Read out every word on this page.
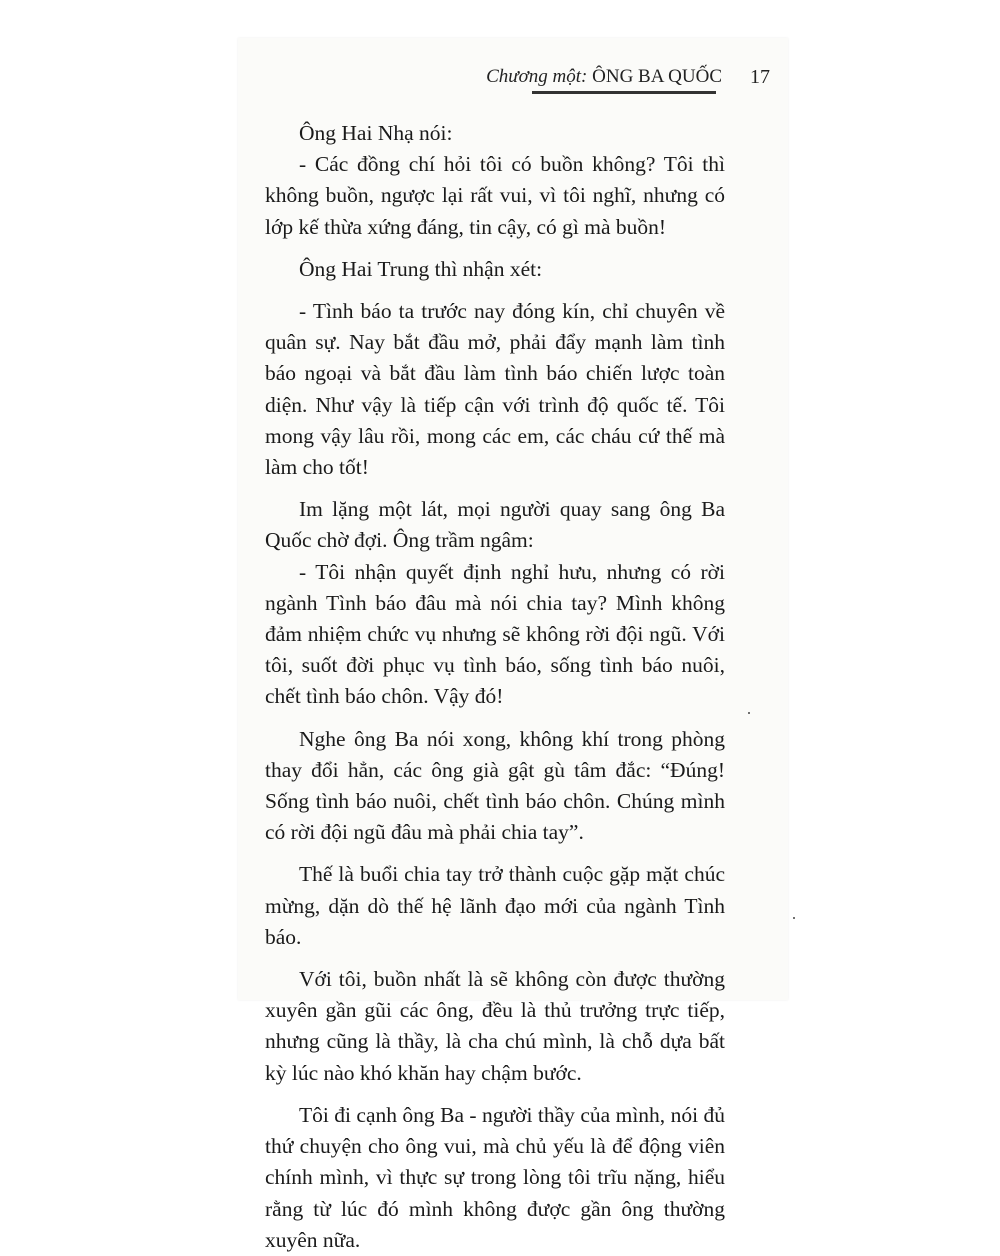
Chương một: ÔNG BA QUỐC 17

Ông Hai Nhạ nói:

- Các đồng chí hỏi tôi có buồn không? Tôi thì không buồn, ngược lại rất vui, vì tôi nghĩ, nhưng có lớp kế thừa xứng đáng, tin cậy, có gì mà buồn!

Ông Hai Trung thì nhận xét:

- Tình báo ta trước nay đóng kín, chỉ chuyên về quân sự. Nay bắt đầu mở, phải đẩy mạnh làm tình báo ngoại và bắt đầu làm tình báo chiến lược toàn diện. Như vậy là tiếp cận với trình độ quốc tế. Tôi mong vậy lâu rồi, mong các em, các cháu cứ thế mà làm cho tốt!

Im lặng một lát, mọi người quay sang ông Ba Quốc chờ đợi. Ông trầm ngâm:

- Tôi nhận quyết định nghỉ hưu, nhưng có rời ngành Tình báo đâu mà nói chia tay? Mình không đảm nhiệm chức vụ nhưng sẽ không rời đội ngũ. Với tôi, suốt đời phục vụ tình báo, sống tình báo nuôi, chết tình báo chôn. Vậy đó!

Nghe ông Ba nói xong, không khí trong phòng thay đổi hẳn, các ông già gật gù tâm đắc: “Đúng! Sống tình báo nuôi, chết tình báo chôn. Chúng mình có rời đội ngũ đâu mà phải chia tay”.

Thế là buổi chia tay trở thành cuộc gặp mặt chúc mừng, dặn dò thế hệ lãnh đạo mới của ngành Tình báo.

Với tôi, buồn nhất là sẽ không còn được thường xuyên gần gũi các ông, đều là thủ trưởng trực tiếp, nhưng cũng là thầy, là cha chú mình, là chỗ dựa bất kỳ lúc nào khó khăn hay chậm bước.

Tôi đi cạnh ông Ba - người thầy của mình, nói đủ thứ chuyện cho ông vui, mà chủ yếu là để động viên chính mình, vì thực sự trong lòng tôi trĩu nặng, hiểu rằng từ lúc đó mình không được gần ông thường xuyên nữa.
